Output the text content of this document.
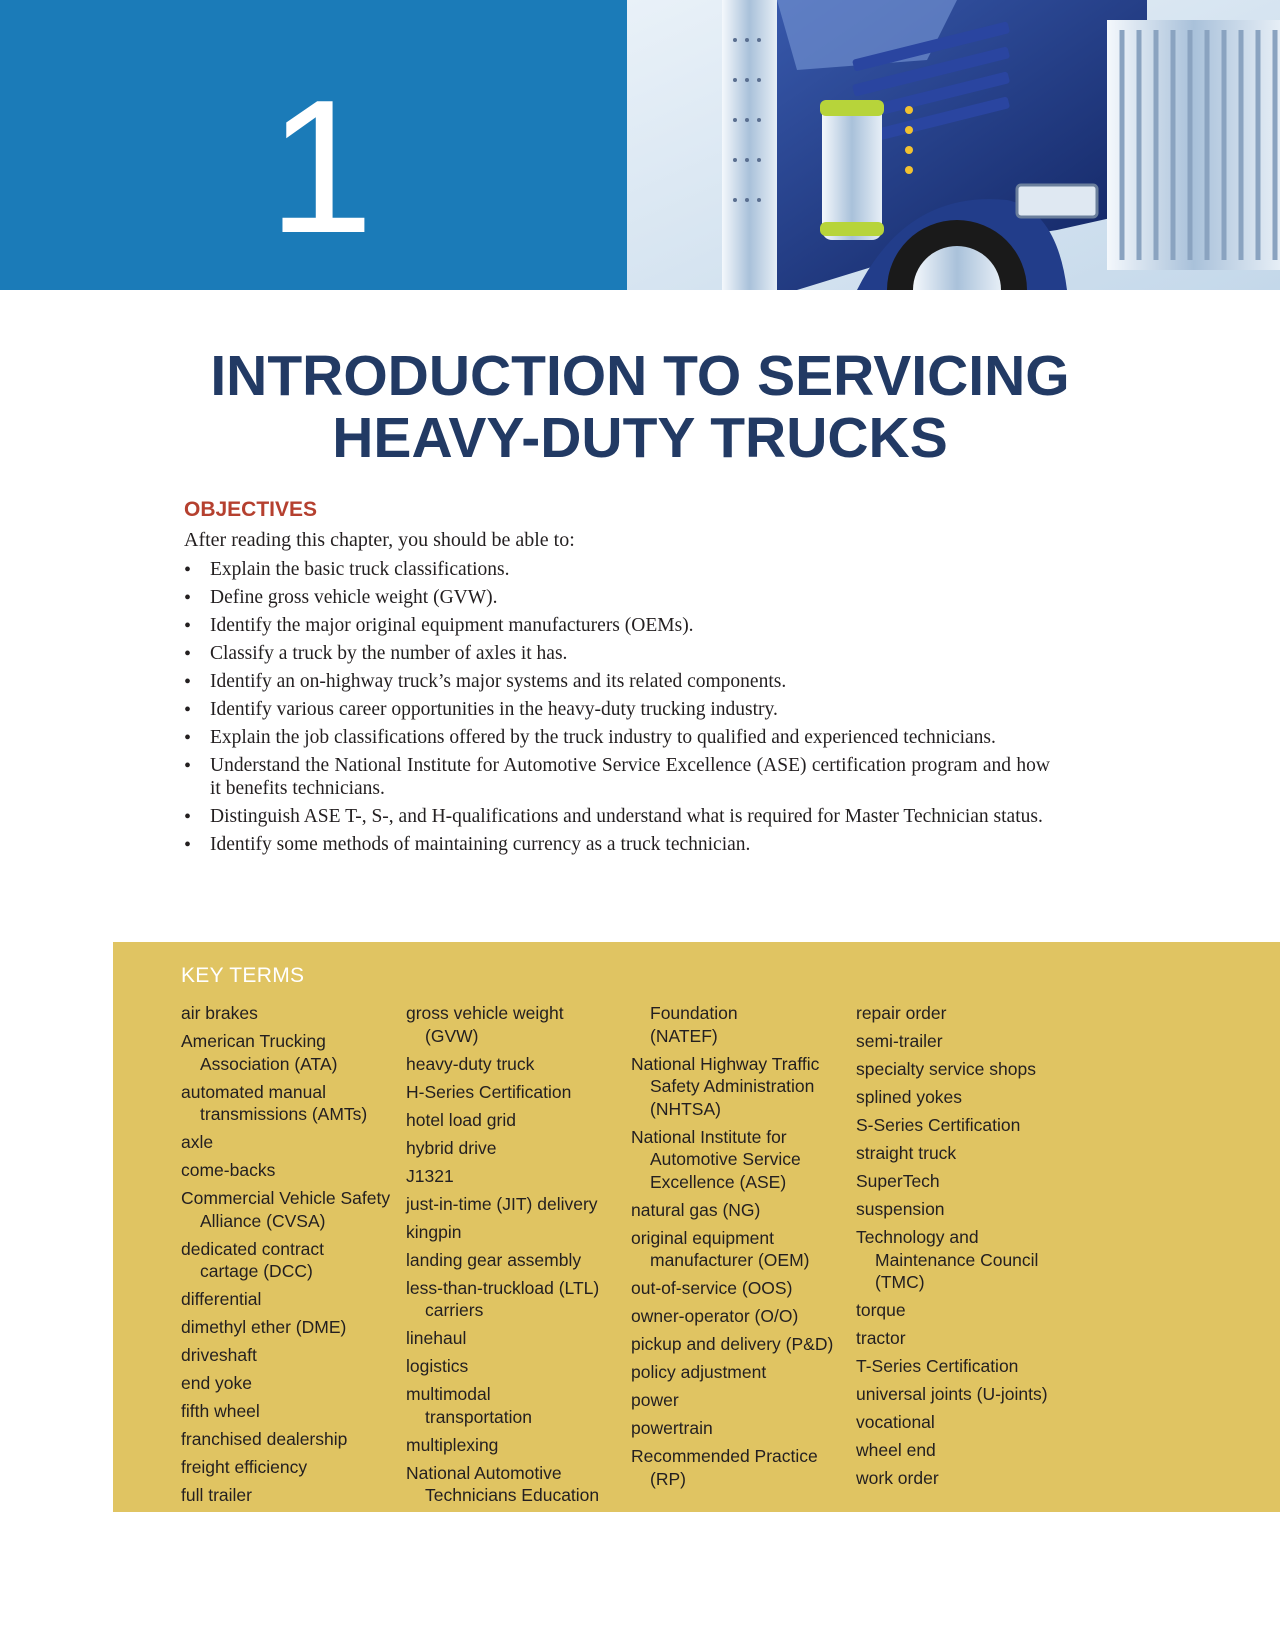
1
INTRODUCTION TO SERVICING
HEAVY-DUTY TRUCKS
OBJECTIVES

After reading this chapter, you should be able to:

• Explain the basic truck classifications.
• Define gross vehicle weight (GVW).
• Identify the major original equipment manufacturers (OEMs).
• Classify a truck by the number of axles it has.
• Identify an on-highway truck’s major systems and its related components.
• Identify various career opportunities in the heavy-duty trucking industry.
• Explain the job classifications offered by the truck industry to qualified and experienced technicians.
• Understand the National Institute for Automotive Service Excellence (ASE) certification program and how it benefits technicians.
• Distinguish ASE T-, S-, and H-qualifications and understand what is required for Master Technician status.
• Identify some methods of maintaining currency as a truck technician.
KEY TERMS
air brakes
American Trucking Association (ATA)
automated manual transmissions (AMTs)
axle
come-backs
Commercial Vehicle Safety Alliance (CVSA)
dedicated contract cartage (DCC)
differential
dimethyl ether (DME)
driveshaft
end yoke
fifth wheel
franchised dealership
freight efficiency
full trailer
gross vehicle weight (GVW)
heavy-duty truck
H-Series Certification
hotel load grid
hybrid drive
J1321
just-in-time (JIT) delivery
kingpin
landing gear assembly
less-than-truckload (LTL) carriers
linehaul
logistics
multimodal transportation
multiplexing
National Automotive Technicians Education
Foundation (NATEF)
National Highway Traffic Safety Administration (NHTSA)
National Institute for Automotive Service Excellence (ASE)
natural gas (NG)
original equipment manufacturer (OEM)
out-of-service (OOS)
owner-operator (O/O)
pickup and delivery (P&D)
policy adjustment
power
powertrain
Recommended Practice (RP)
repair order
semi-trailer
specialty service shops
splined yokes
S-Series Certification
straight truck
SuperTech
suspension
Technology and Maintenance Council (TMC)
torque
tractor
T-Series Certification
universal joints (U-joints)
vocational
wheel end
work order
